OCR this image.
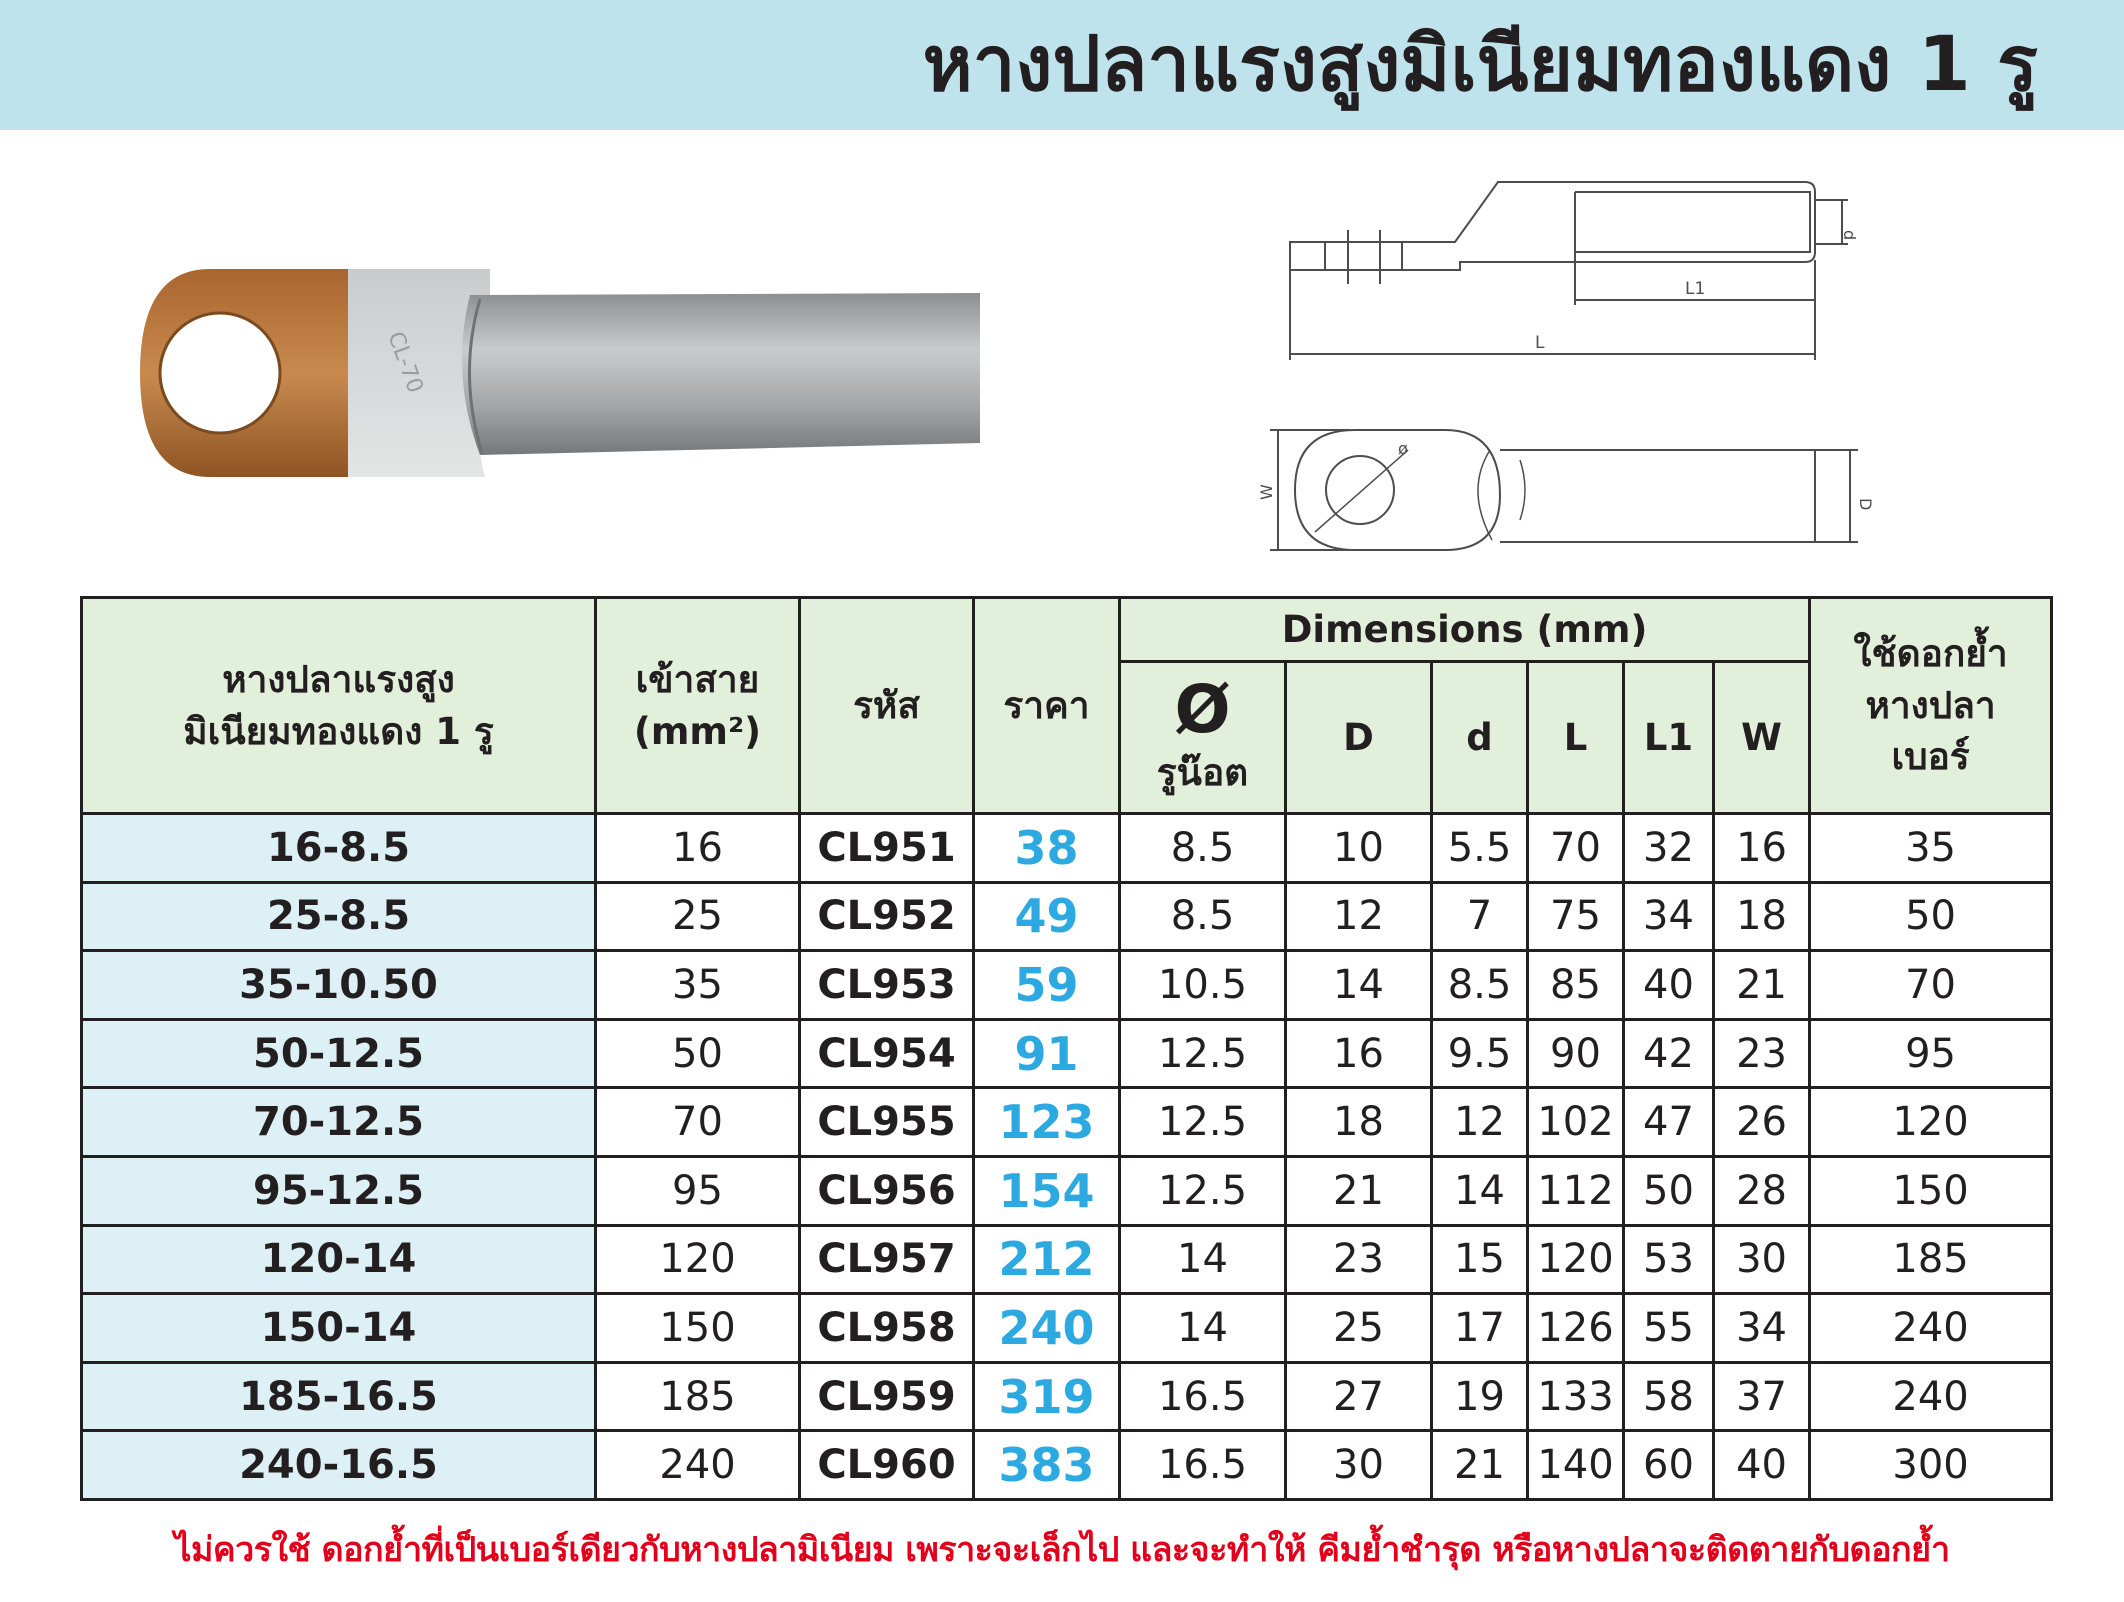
หางปลาแรงสูงมิเนียมทองแดง 1 รู
CL-70
d
L1
L
ø
W
D
หางปลาแรงสูง
มิเนียมทองแดง 1 รู	เข้าสาย
(mm²)	รหัส	ราคา	Dimensions (mm)						ใช้ดอกย้ำ
หางปลา
เบอร์

				Ø
รูน๊อต	D	d	L	L1	W	
16-8.5	16	CL951	38	8.5	10	5.5	70	32	16	35
25-8.5	25	CL952	49	8.5	12	7	75	34	18	50
35-10.50	35	CL953	59	10.5	14	8.5	85	40	21	70
50-12.5	50	CL954	91	12.5	16	9.5	90	42	23	95
70-12.5	70	CL955	123	12.5	18	12	102	47	26	120
95-12.5	95	CL956	154	12.5	21	14	112	50	28	150
120-14	120	CL957	212	14	23	15	120	53	30	185
150-14	150	CL958	240	14	25	17	126	55	34	240
185-16.5	185	CL959	319	16.5	27	19	133	58	37	240
240-16.5	240	CL960	383	16.5	30	21	140	60	40	300
ไม่ควรใช้ ดอกย้ำที่เป็นเบอร์เดียวกับหางปลามิเนียม เพราะจะเล็กไป และจะทำให้ คีมย้ำชำรุด หรือหางปลาจะติดตายกับดอกย้ำ
